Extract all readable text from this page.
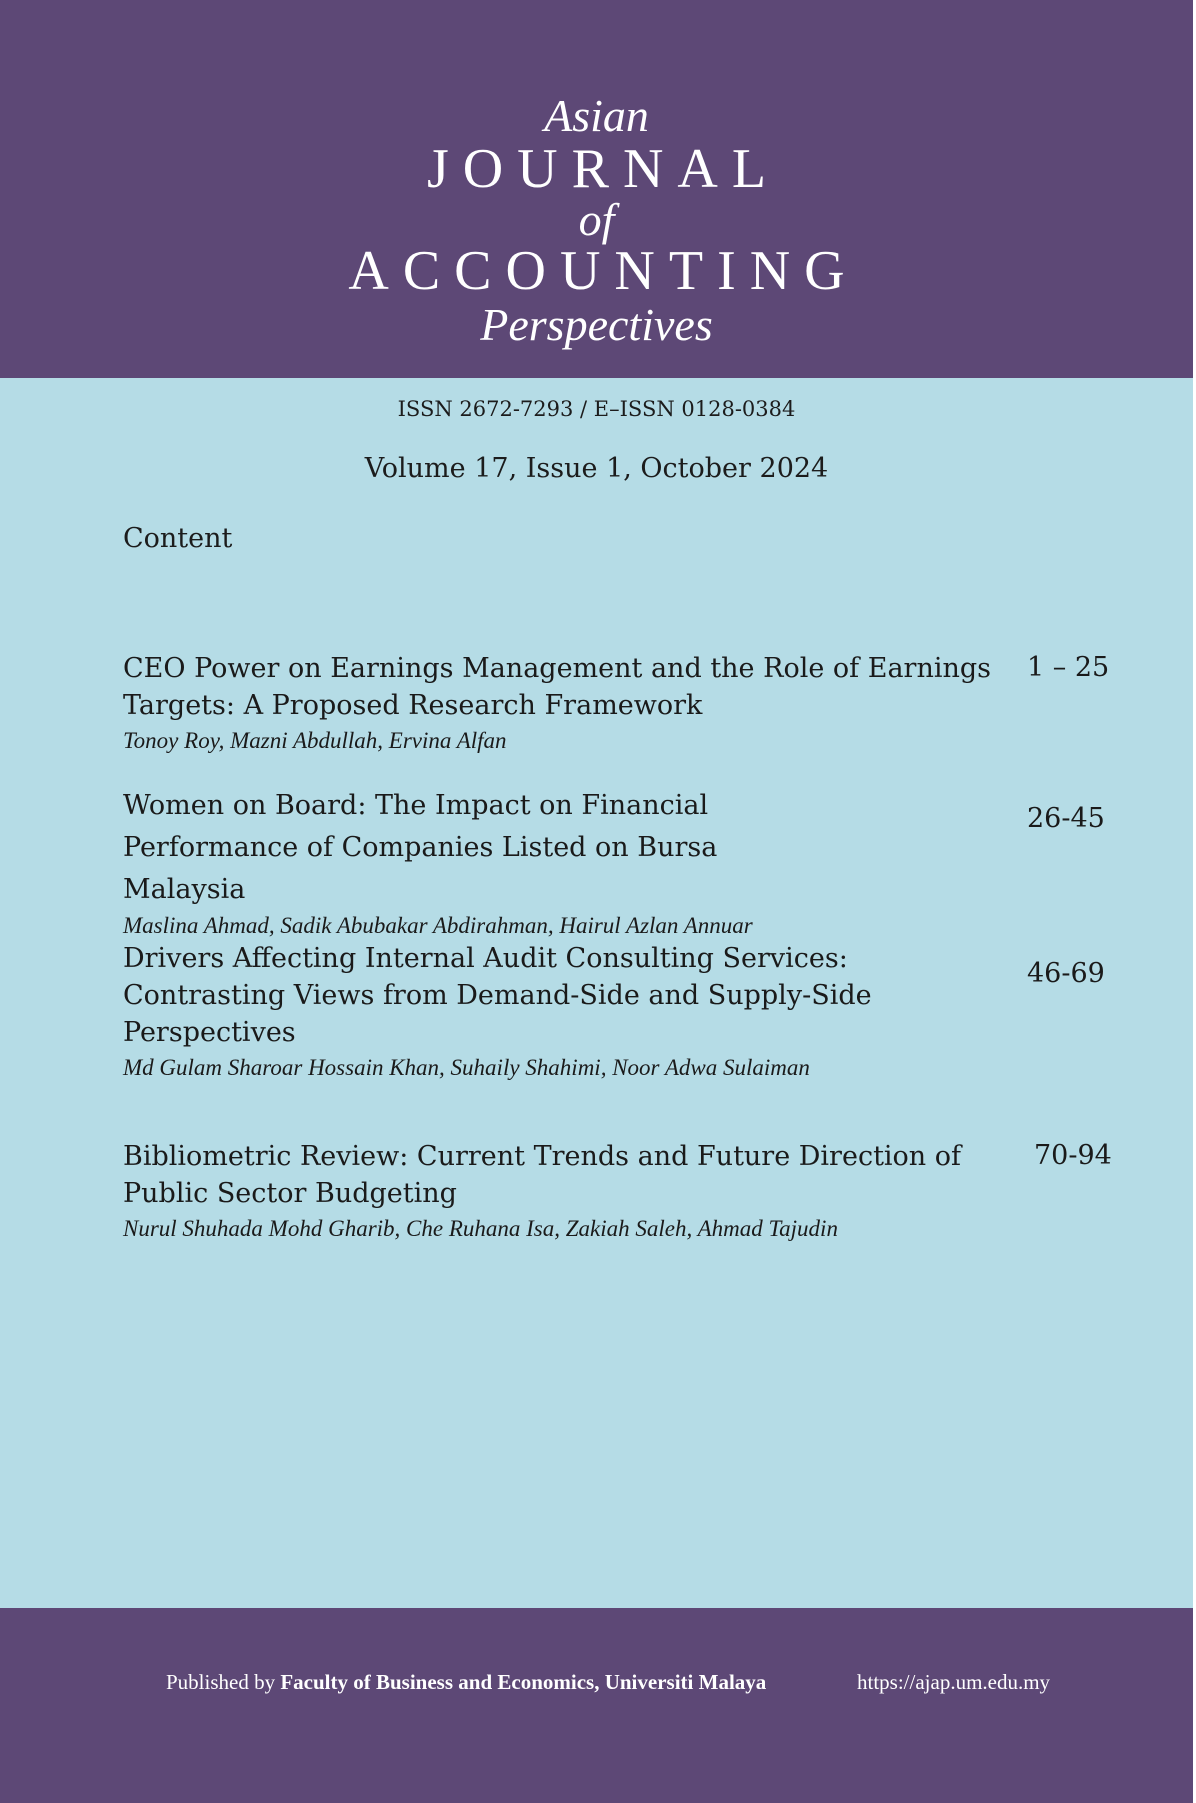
Asian
JOURNAL
of
ACCOUNTING
Perspectives
ISSN 2672-7293 / E–ISSN 0128-0384
Volume 17, Issue 1, October 2024
Content
CEO Power on Earnings Management and the Role of Earnings Targets: A Proposed Research Framework
Tonoy Roy, Mazni Abdullah, Ervina Alfan
1 – 25
Women on Board: The Impact on Financial Performance of Companies Listed on Bursa Malaysia
Maslina Ahmad, Sadik Abubakar Abdirahman, Hairul Azlan Annuar
26-45
Drivers Affecting Internal Audit Consulting Services: Contrasting Views from Demand-Side and Supply-Side Perspectives
Md Gulam Sharoar Hossain Khan, Suhaily Shahimi, Noor Adwa Sulaiman
46-69
Bibliometric Review: Current Trends and Future Direction of Public Sector Budgeting
Nurul Shuhada Mohd Gharib, Che Ruhana Isa, Zakiah Saleh, Ahmad Tajudin
70-94
Published by Faculty of Business and Economics, Universiti Malaya	https://ajap.um.edu.my
